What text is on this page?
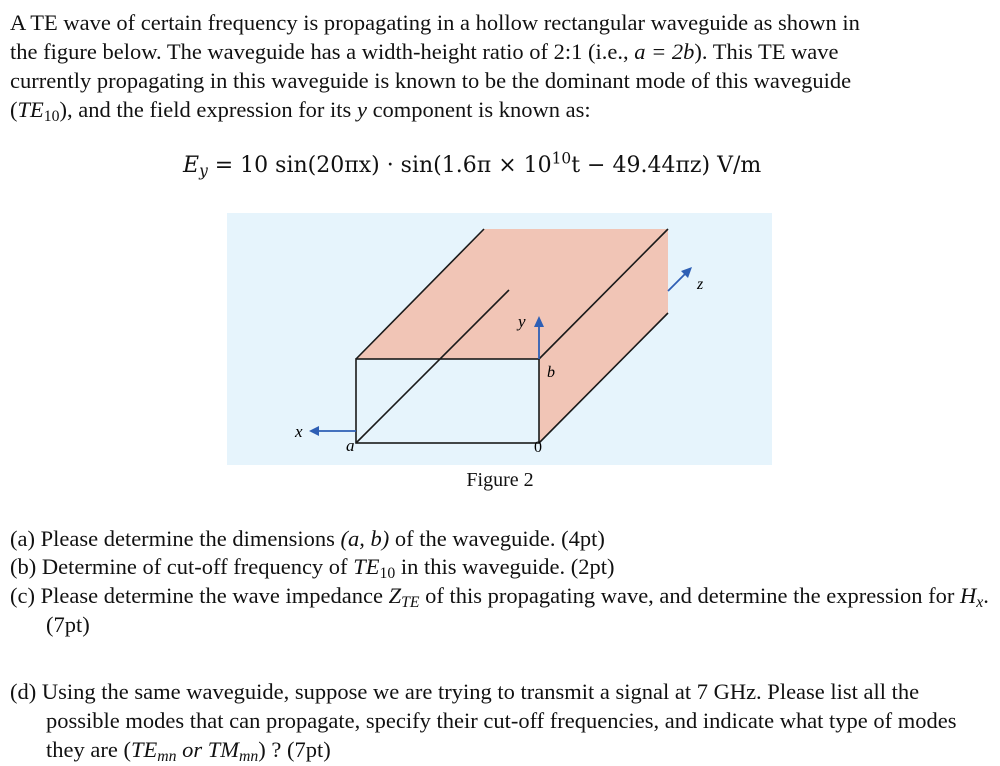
A TE wave of certain frequency is propagating in a hollow rectangular waveguide as shown in
the figure below. The waveguide has a width-height ratio of 2:1 (i.e., a = 2b). This TE wave
currently propagating in this waveguide is known to be the dominant mode of this waveguide
$(TE_{10})$, and the field expression for its y component is known as:

$E_y = 10$ $\sin(20\pi x) \cdot \sin(1.6\pi \times 10^{10}t - 49.44\pi z)$ V/m
x
y
z
a
b
0
Figure 2

(a) Please determine the dimensions (a, b) of the waveguide. (4pt)

(b) Determine of cut-off frequency of $TE_{10}$ in this waveguide. (2pt)

(c) Please determine the wave impedance $Z_{TE}$ of this propagating wave, and determine the expression for $H_x$. (7pt)

(d) Using the same waveguide, suppose we are trying to transmit a signal at 7 GHz. Please list all the possible modes that can propagate, specify their cut-off frequencies, and indicate what type of modes they are ($TE_{mn}$ or $TM_{mn}$) ? (7pt)
